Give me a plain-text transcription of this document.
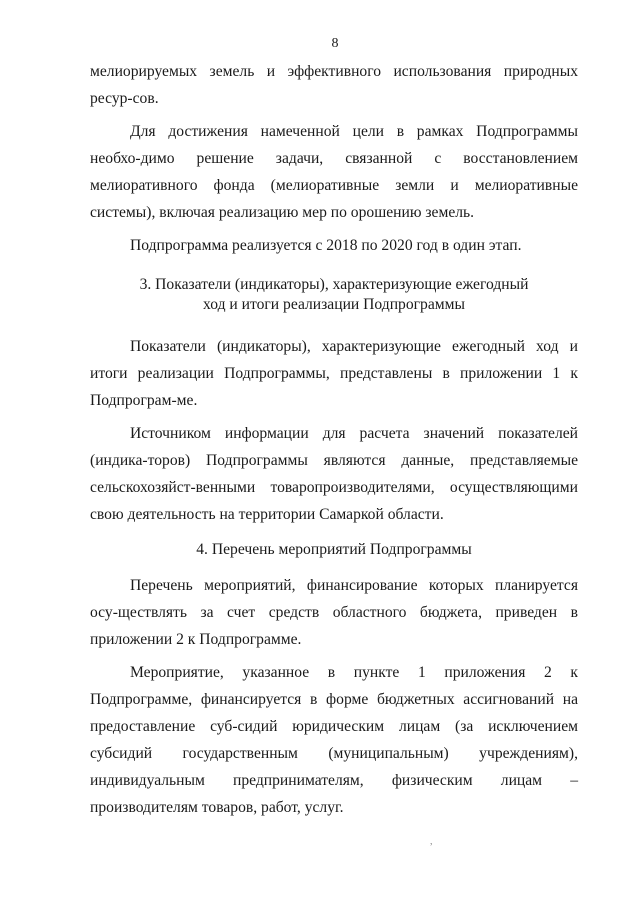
8

мелиорируемых земель и эффективного использования природных ресур-сов.

Для достижения намеченной цели в рамках Подпрограммы необхо-димо решение задачи, связанной с восстановлением мелиоративного фонда (мелиоративные земли и мелиоративные системы), включая реализацию мер по орошению земель.

Подпрограмма реализуется с 2018 по 2020 год в один этап.

3. Показатели (индикаторы), характеризующие ежегодный
ход и итоги реализации Подпрограммы

Показатели (индикаторы), характеризующие ежегодный ход и итоги реализации Подпрограммы, представлены в приложении 1 к Подпрограм-ме.

Источником информации для расчета значений показателей (индика-торов) Подпрограммы являются данные, представляемые сельскохозяйст-венными товаропроизводителями, осуществляющими свою деятельность на территории Самаркой области.

4. Перечень мероприятий Подпрограммы

Перечень мероприятий, финансирование которых планируется осу-ществлять за счет средств областного бюджета, приведен в приложении 2 к Подпрограмме.

Мероприятие, указанное в пункте 1 приложения 2 к Подпрограмме, финансируется в форме бюджетных ассигнований на предоставление суб-сидий юридическим лицам (за исключением субсидий государственным (муниципальным) учреждениям), индивидуальным предпринимателям, физическим лицам – производителям товаров, работ, услуг.

,
